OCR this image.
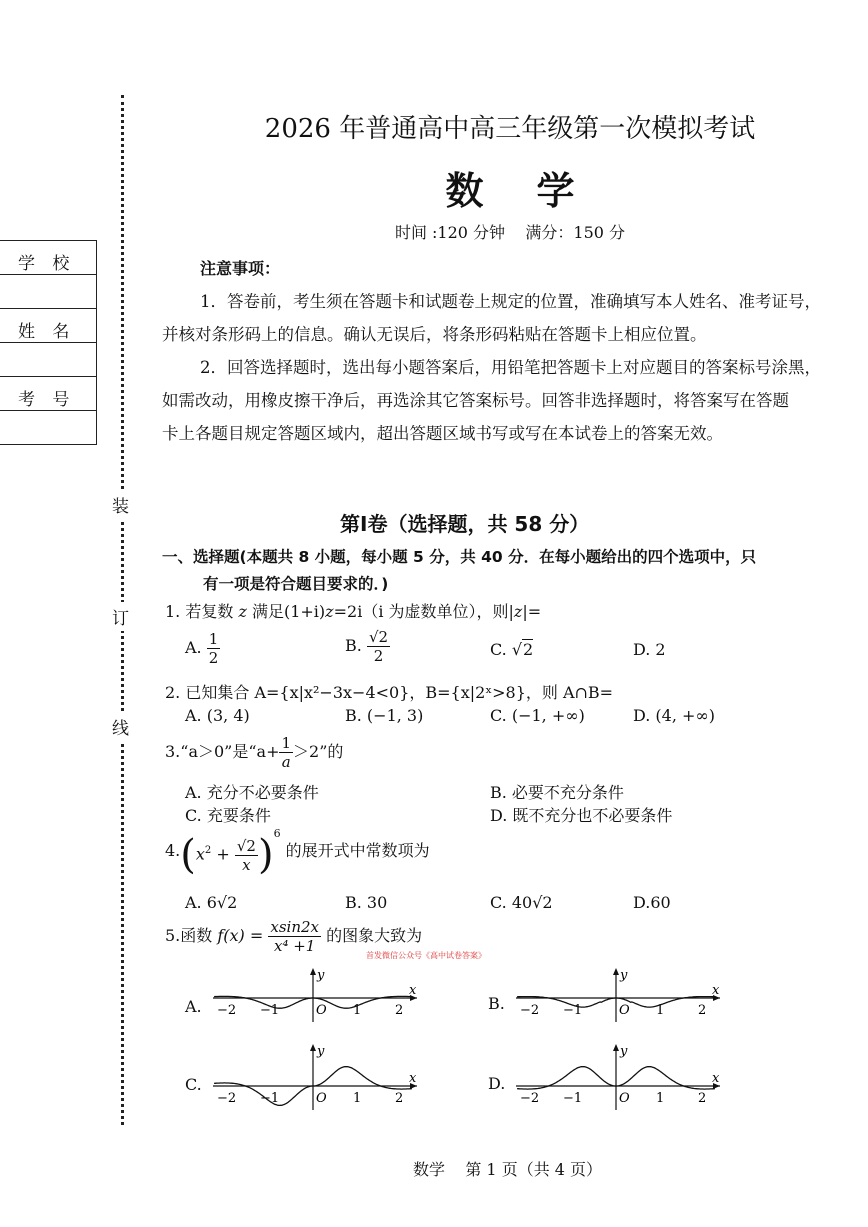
装
订
线
学 校
姓 名
考 号
2026 年普通高中高三年级第一次模拟考试
数    学
时间 :120 分钟    满分：150 分
注意事项：
1．答卷前，考生须在答题卡和试题卷上规定的位置，准确填写本人姓名、准考证号，
并核对条形码上的信息。确认无误后，将条形码粘贴在答题卡上相应位置。
2．回答选择题时，选出每小题答案后，用铅笔把答题卡上对应题目的答案标号涂黑，
如需改动，用橡皮擦干净后，再选涂其它答案标号。回答非选择题时，将答案写在答题
卡上各题目规定答题区域内，超出答题区域书写或写在本试卷上的答案无效。
第Ⅰ卷（选择题，共 58 分）
一、选择题(本题共 8 小题，每小题 5 分，共 40 分．在每小题给出的四个选项中，只
有一项是符合题目要求的．)
1. 若复数 z 满足(1+i)z=2i（i 为虚数单位），则|z|=
A. $\frac{1}{2}$	B. $\frac{√2}{2}$	C. √2	D. 2
2. 已知集合 A={x|x²−3x−4<0}，B={x|2ˣ>8}，则 A∩B=
A. (3, 4)	B. (−1, 3)	C. (−1, +∞)	D. (4, +∞)
3.“a＞0”是“$a+ \frac{1}{a} >2$”的
A. 充分不必要条件	B. 必要不充分条件
C. 充要条件	D. 既不充分也不必要条件
$4.(x^2 + \frac{√2}{x} )^6$ 的展开式中常数项为
A. 6√2	B. 30	C. 40√2	D.60
5.函数 $f(x) = \frac{xsin2x}{\text{x⁴ +1}}$ 的图象大致为
首发微信公众号《高中试卷答案》
A.	B.
C.	D.
y
x
O
−2 −1	1	2
y
x
O
−2 −1	1	2
y
x
O
−2 −1	1	2
y
x
O
−2 −1	1	2
数学    第 1 页（共 4 页）
